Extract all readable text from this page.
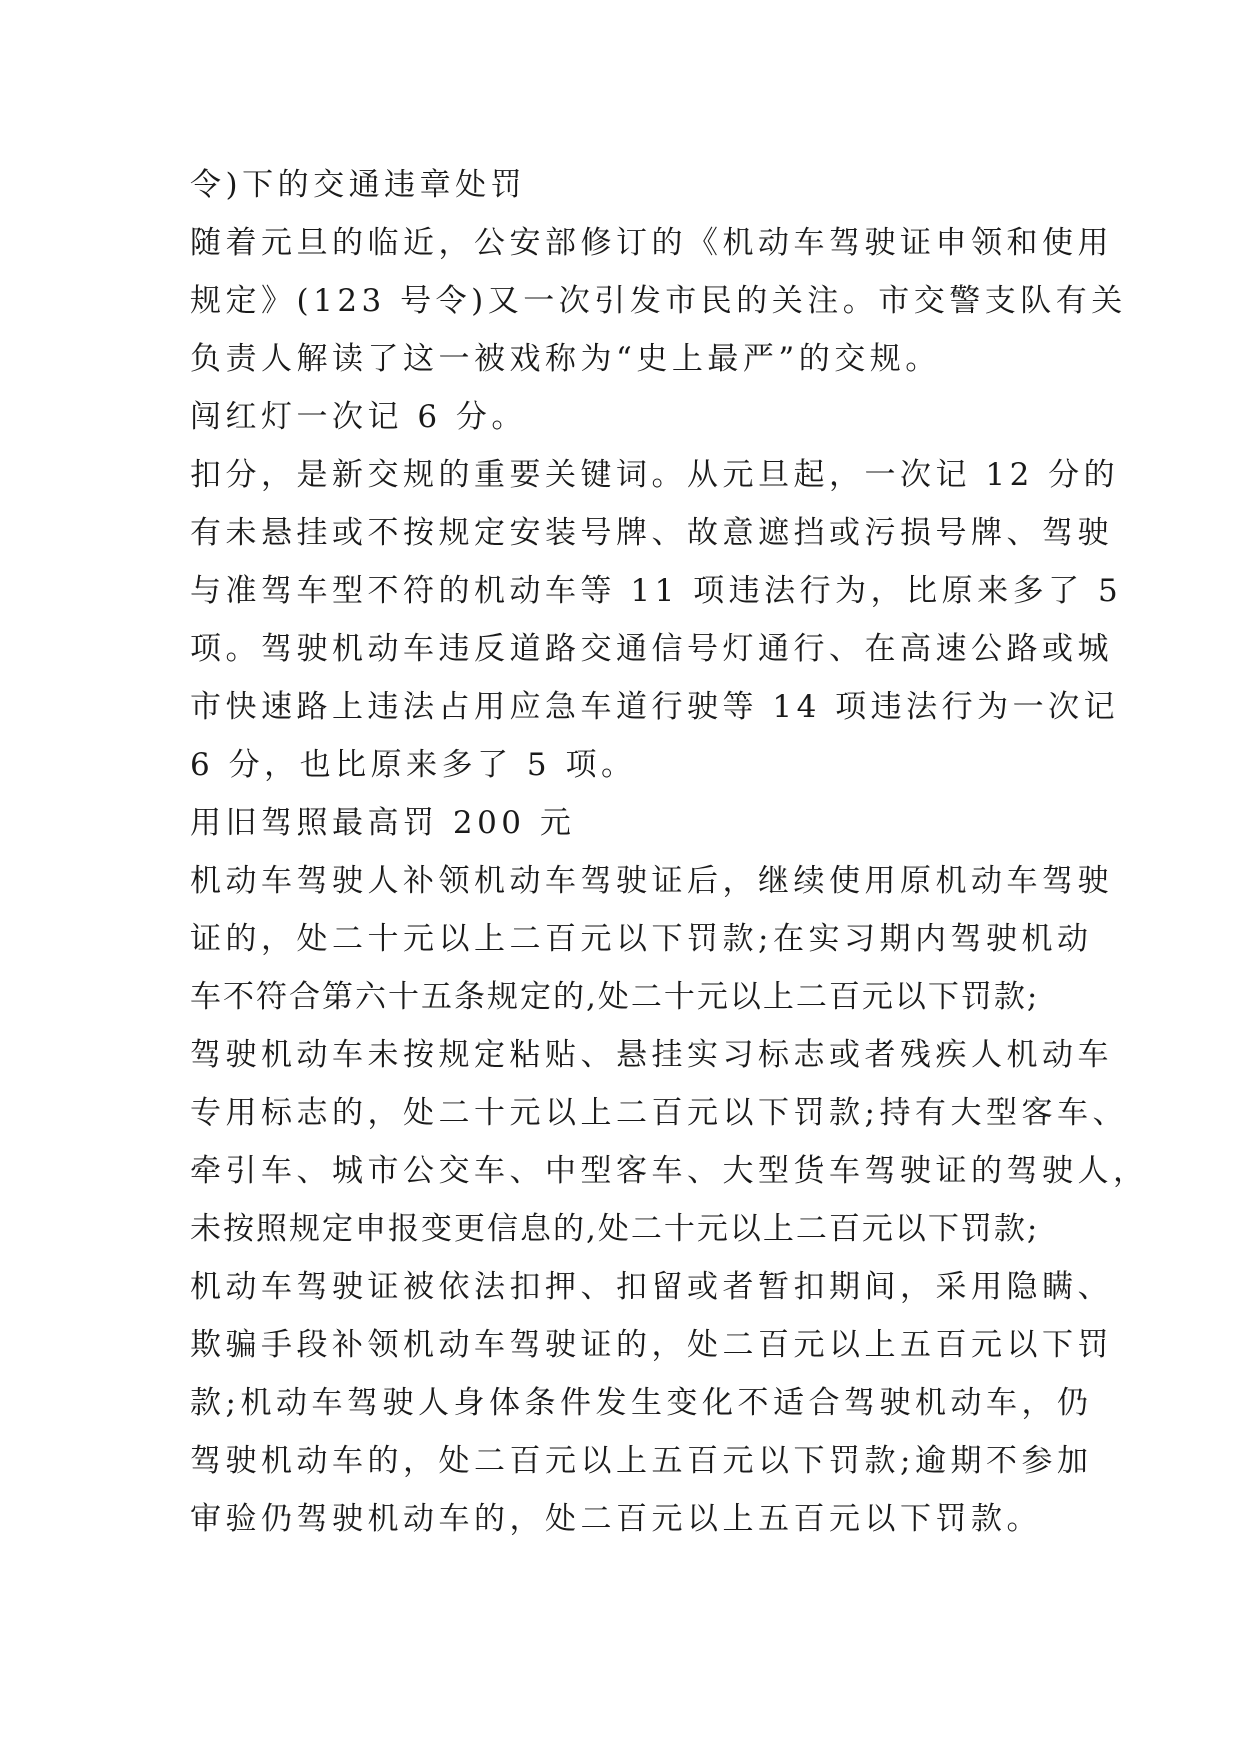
令)下的交通违章处罚
随着元旦的临近，公安部修订的《机动车驾驶证申领和使用
规定》(123 号令)又一次引发市民的关注。市交警支队有关
负责人解读了这一被戏称为“史上最严”的交规。
闯红灯一次记 6 分。
扣分，是新交规的重要关键词。从元旦起，一次记 12 分的
有未悬挂或不按规定安装号牌、故意遮挡或污损号牌、驾驶
与准驾车型不符的机动车等 11 项违法行为，比原来多了 5
项。驾驶机动车违反道路交通信号灯通行、在高速公路或城
市快速路上违法占用应急车道行驶等 14 项违法行为一次记
6 分，也比原来多了 5 项。
用旧驾照最高罚 200 元
机动车驾驶人补领机动车驾驶证后，继续使用原机动车驾驶
证的，处二十元以上二百元以下罚款;在实习期内驾驶机动
车不符合第六十五条规定的,处二十元以上二百元以下罚款;
驾驶机动车未按规定粘贴、悬挂实习标志或者残疾人机动车
专用标志的，处二十元以上二百元以下罚款;持有大型客车、
牵引车、城市公交车、中型客车、大型货车驾驶证的驾驶人，
未按照规定申报变更信息的,处二十元以上二百元以下罚款;
机动车驾驶证被依法扣押、扣留或者暂扣期间，采用隐瞒、
欺骗手段补领机动车驾驶证的，处二百元以上五百元以下罚
款;机动车驾驶人身体条件发生变化不适合驾驶机动车，仍
驾驶机动车的，处二百元以上五百元以下罚款;逾期不参加
审验仍驾驶机动车的，处二百元以上五百元以下罚款。
